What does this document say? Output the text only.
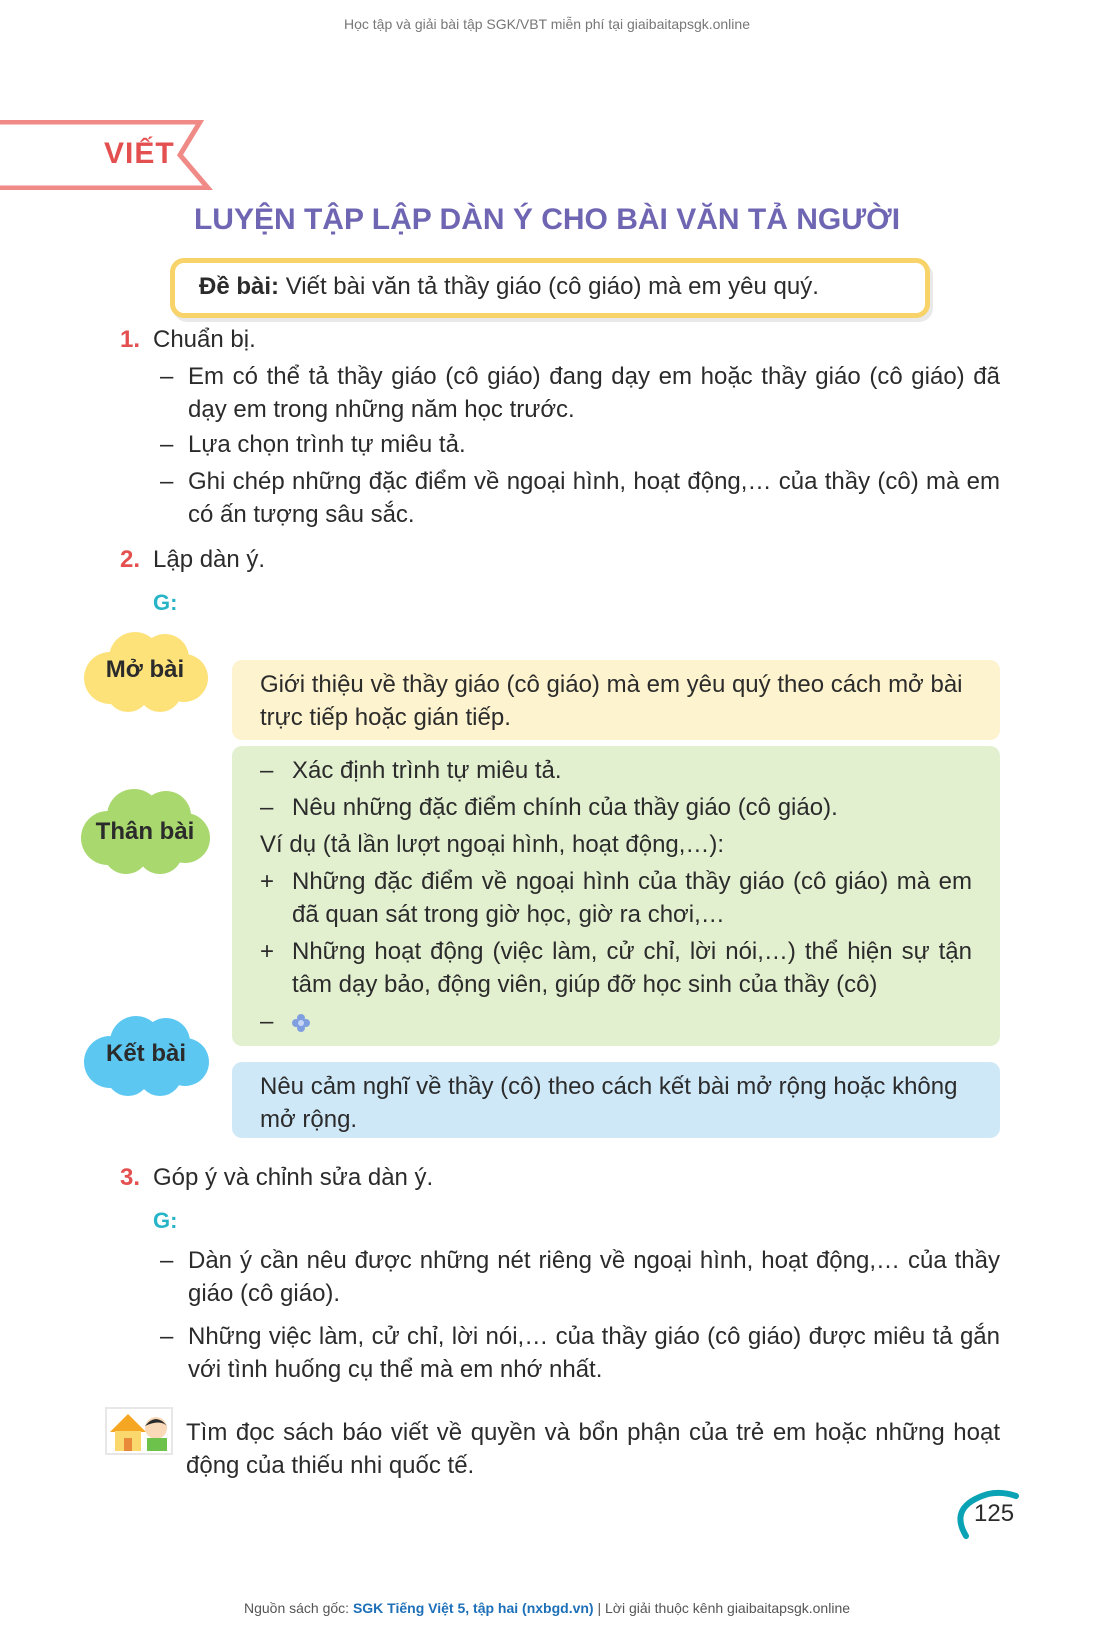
Học tập và giải bài tập SGK/VBT miễn phí tại giaibaitapsgk.online
VIẾT
LUYỆN TẬP LẬP DÀN Ý CHO BÀI VĂN TẢ NGƯỜI
Đề bài: Viết bài văn tả thầy giáo (cô giáo) mà em yêu quý.
1. Chuẩn bị.
– Em có thể tả thầy giáo (cô giáo) đang dạy em hoặc thầy giáo (cô giáo) đã dạy em trong những năm học trước.
– Lựa chọn trình tự miêu tả.
– Ghi chép những đặc điểm về ngoại hình, hoạt động,… của thầy (cô) mà em có ấn tượng sâu sắc.
2. Lập dàn ý.
G:
Mở bài
Giới thiệu về thầy giáo (cô giáo) mà em yêu quý theo cách mở bài trực tiếp hoặc gián tiếp.
Thân bài
– Xác định trình tự miêu tả.
– Nêu những đặc điểm chính của thầy giáo (cô giáo).
Ví dụ (tả lần lượt ngoại hình, hoạt động,…):
+ Những đặc điểm về ngoại hình của thầy giáo (cô giáo) mà em đã quan sát trong giờ học, giờ ra chơi,…
+ Những hoạt động (việc làm, cử chỉ, lời nói,…) thể hiện sự tận tâm dạy bảo, động viên, giúp đỡ học sinh của thầy (cô)
–
Kết bài
Nêu cảm nghĩ về thầy (cô) theo cách kết bài mở rộng hoặc không mở rộng.
3. Góp ý và chỉnh sửa dàn ý.
G:
– Dàn ý cần nêu được những nét riêng về ngoại hình, hoạt động,… của thầy giáo (cô giáo).
– Những việc làm, cử chỉ, lời nói,… của thầy giáo (cô giáo) được miêu tả gắn với tình huống cụ thể mà em nhớ nhất.
Tìm đọc sách báo viết về quyền và bổn phận của trẻ em hoặc những hoạt động của thiếu nhi quốc tế.
125
Nguồn sách gốc: SGK Tiếng Việt 5, tập hai (nxbgd.vn) | Lời giải thuộc kênh giaibaitapsgk.online
